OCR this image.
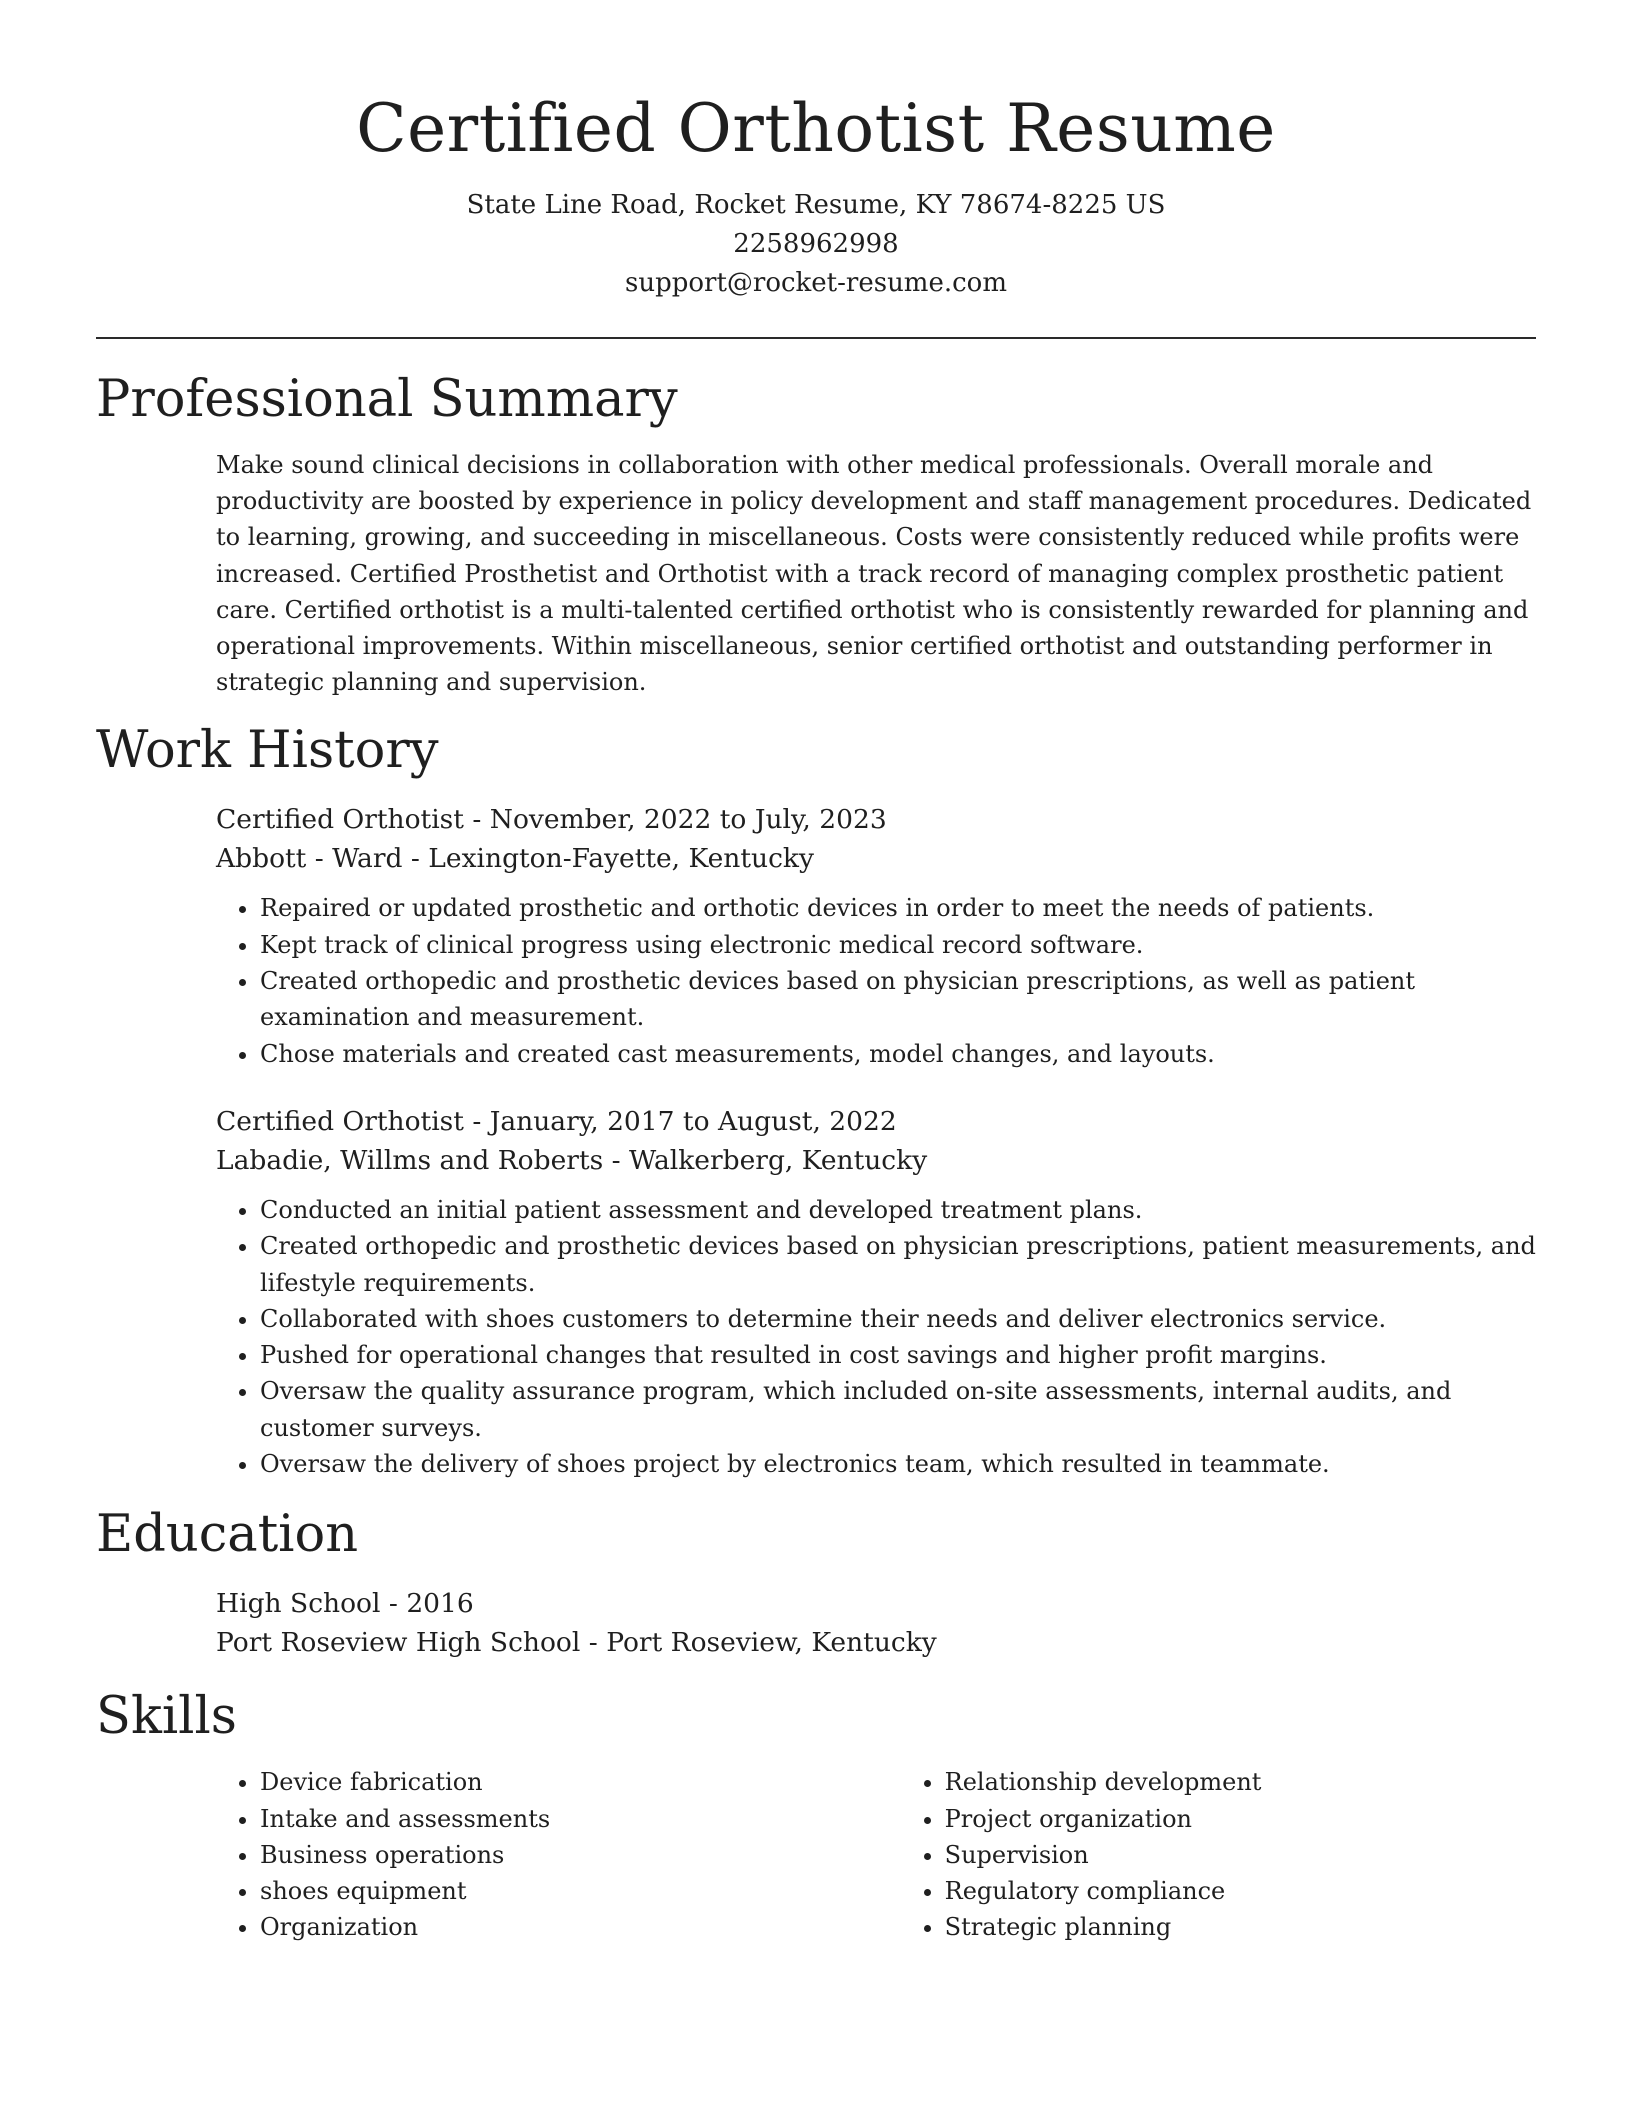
Certified Orthotist Resume
State Line Road, Rocket Resume, KY 78674-8225 US
2258962998
support@rocket-resume.com
Professional Summary

Make sound clinical decisions in collaboration with other medical professionals. Overall morale and productivity are boosted by experience in policy development and staff management procedures. Dedicated to learning, growing, and succeeding in miscellaneous. Costs were consistently reduced while profits were increased. Certified Prosthetist and Orthotist with a track record of managing complex prosthetic patient care. Certified orthotist is a multi-talented certified orthotist who is consistently rewarded for planning and operational improvements. Within miscellaneous, senior certified orthotist and outstanding performer in strategic planning and supervision.

Work History
Certified Orthotist - November, 2022 to July, 2023
Abbott - Ward - Lexington-Fayette, Kentucky
• Repaired or updated prosthetic and orthotic devices in order to meet the needs of patients.
• Kept track of clinical progress using electronic medical record software.
• Created orthopedic and prosthetic devices based on physician prescriptions, as well as patient examination and measurement.
• Chose materials and created cast measurements, model changes, and layouts.
Certified Orthotist - January, 2017 to August, 2022
Labadie, Willms and Roberts - Walkerberg, Kentucky
• Conducted an initial patient assessment and developed treatment plans.
• Created orthopedic and prosthetic devices based on physician prescriptions, patient measurements, and lifestyle requirements.
• Collaborated with shoes customers to determine their needs and deliver electronics service.
• Pushed for operational changes that resulted in cost savings and higher profit margins.
• Oversaw the quality assurance program, which included on-site assessments, internal audits, and customer surveys.
• Oversaw the delivery of shoes project by electronics team, which resulted in teammate.
Education
High School - 2016
Port Roseview High School - Port Roseview, Kentucky
Skills
• Device fabrication
• Intake and assessments
• Business operations
• shoes equipment
• Organization
• Relationship development
• Project organization
• Supervision
• Regulatory compliance
• Strategic planning
